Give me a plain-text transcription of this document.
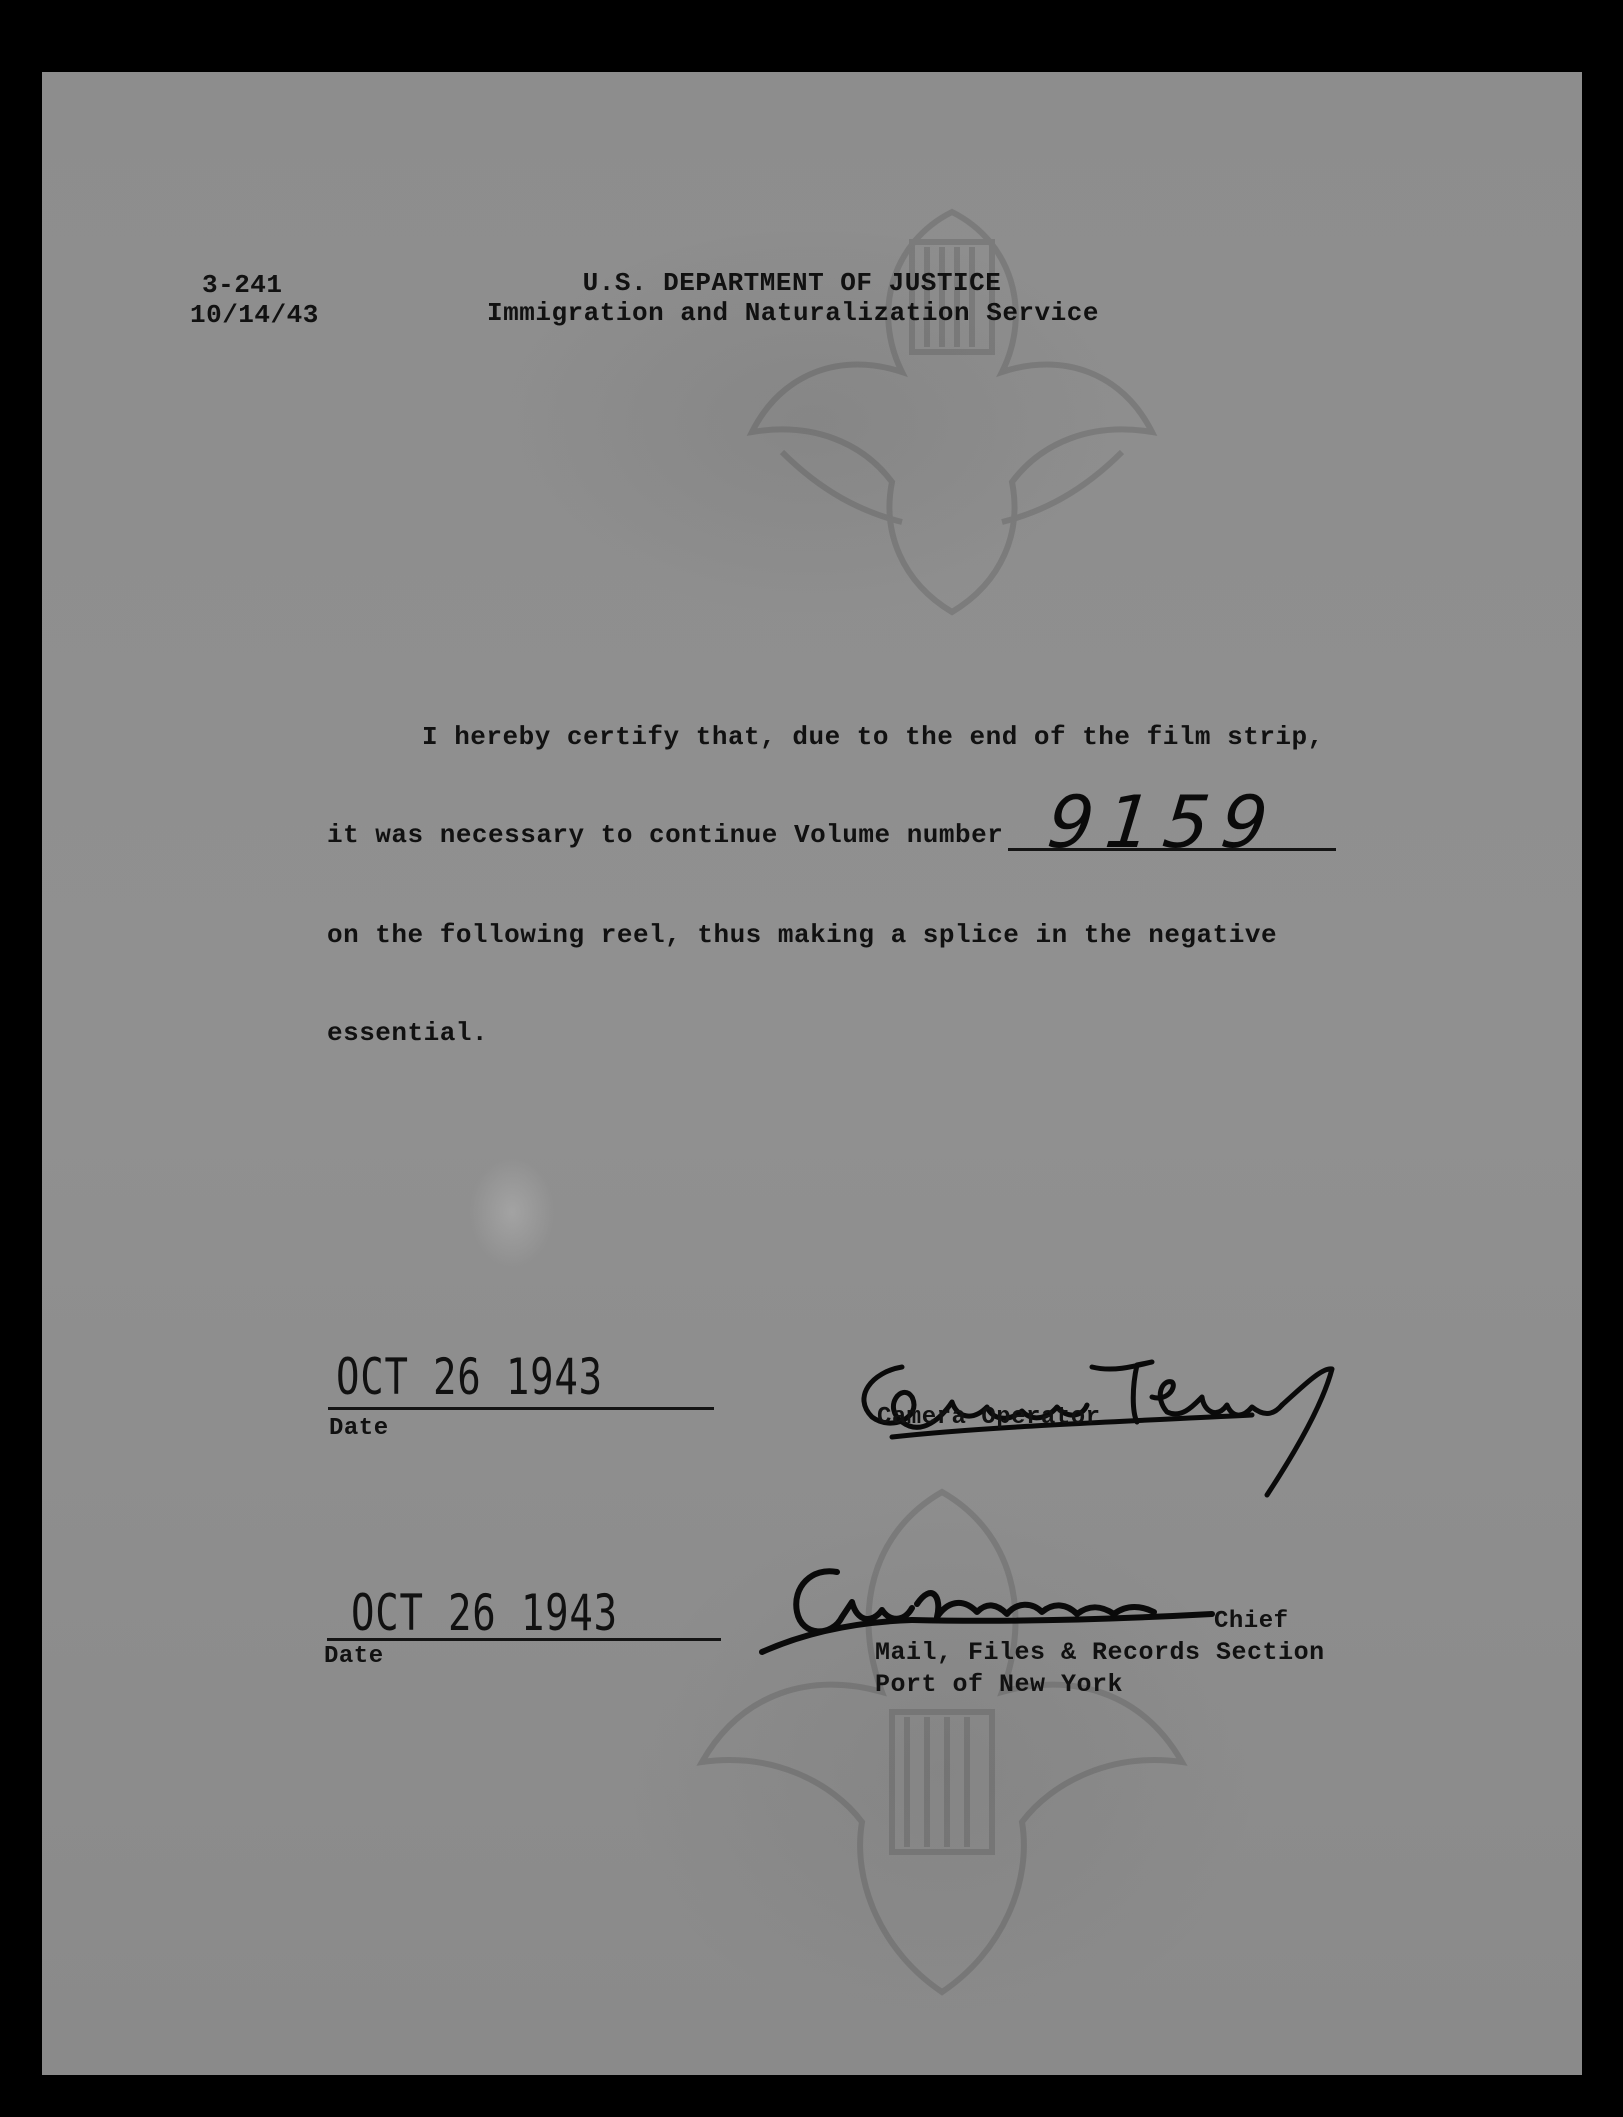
3-241
10/14/43
U.S. DEPARTMENT OF JUSTICE
Immigration and Naturalization Service
I hereby certify that, due to the end of the film strip,
it was necessary to continue Volume number 9159
on the following reel, thus making a splice in the negative
essential.
OCT 26 1943
Date	Camera Operator
OCT 26 1943
Date
Chief
Mail, Files & Records Section
Port of New York
